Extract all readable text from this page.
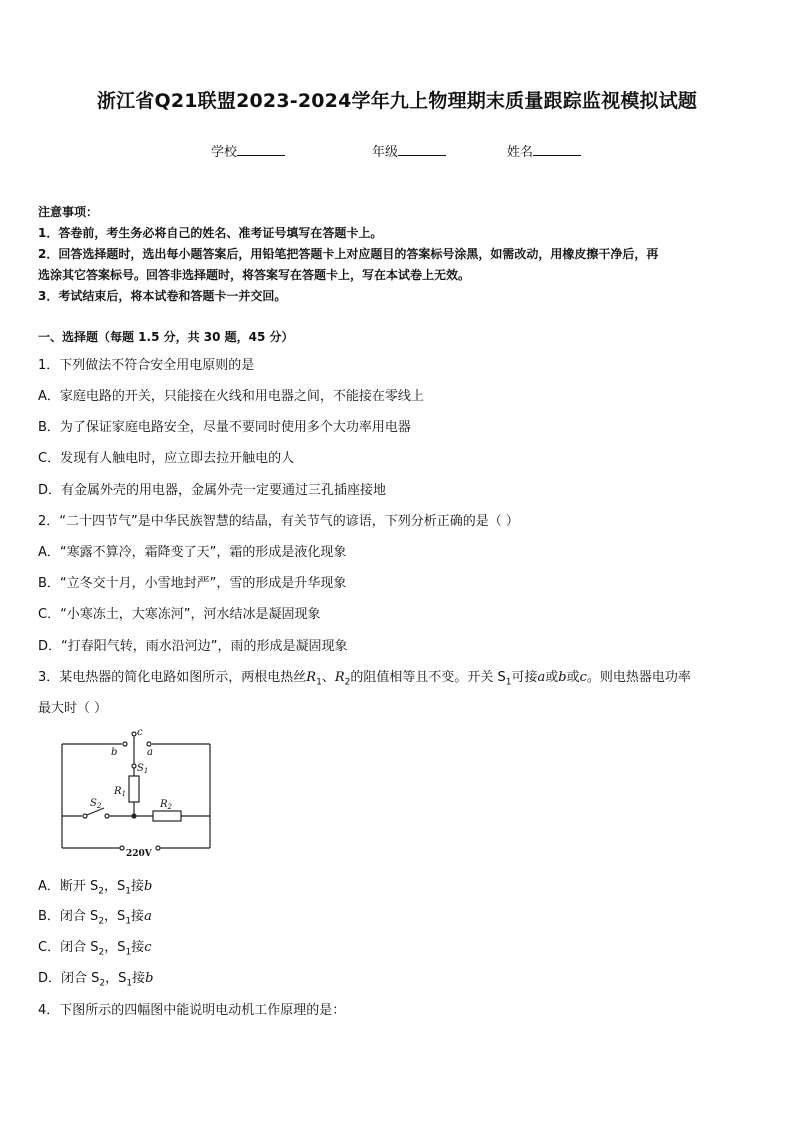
浙江省Q21联盟2023-2024学年九上物理期末质量跟踪监视模拟试题
学校	年级	姓名
注意事项：
1．答卷前，考生务必将自己的姓名、准考证号填写在答题卡上。
2．回答选择题时，选出每小题答案后，用铅笔把答题卡上对应题目的答案标号涂黑，如需改动，用橡皮擦干净后，再
选涂其它答案标号。回答非选择题时，将答案写在答题卡上，写在本试卷上无效。
3．考试结束后，将本试卷和答题卡一并交回。
一、选择题（每题 1.5 分，共 30 题，45 分）
1．下列做法不符合安全用电原则的是
A．家庭电路的开关，只能接在火线和用电器之间，不能接在零线上
B．为了保证家庭电路安全，尽量不要同时使用多个大功率用电器
C．发现有人触电时，应立即去拉开触电的人
D．有金属外壳的用电器，金属外壳一定要通过三孔插座接地
2．“二十四节气”是中华民族智慧的结晶，有关节气的谚语，下列分析正确的是（ ）
A．“寒露不算冷，霜降变了天”，霜的形成是液化现象
B．“立冬交十月，小雪地封严”，雪的形成是升华现象
C．“小寒冻土，大寒冻河”，河水结冰是凝固现象
D．“打春阳气转，雨水沿河边”，雨的形成是凝固现象
3．某电热器的简化电路如图所示，两根电热丝$R_1$、$R_2$的阻值相等且不变。开关 $S_1$可接a或b或c。则电热器电功率
最大时（ ）
c
b	a
$S_1$
$R_1$
$S_2$	$R_2$
220V
A．断开 $S_2$，$S_1$接b
B．闭合 $S_2$，$S_1$接a
C．闭合 $S_2$，$S_1$接c
D．闭合 $S_2$，$S_1$接b
4．下图所示的四幅图中能说明电动机工作原理的是：
